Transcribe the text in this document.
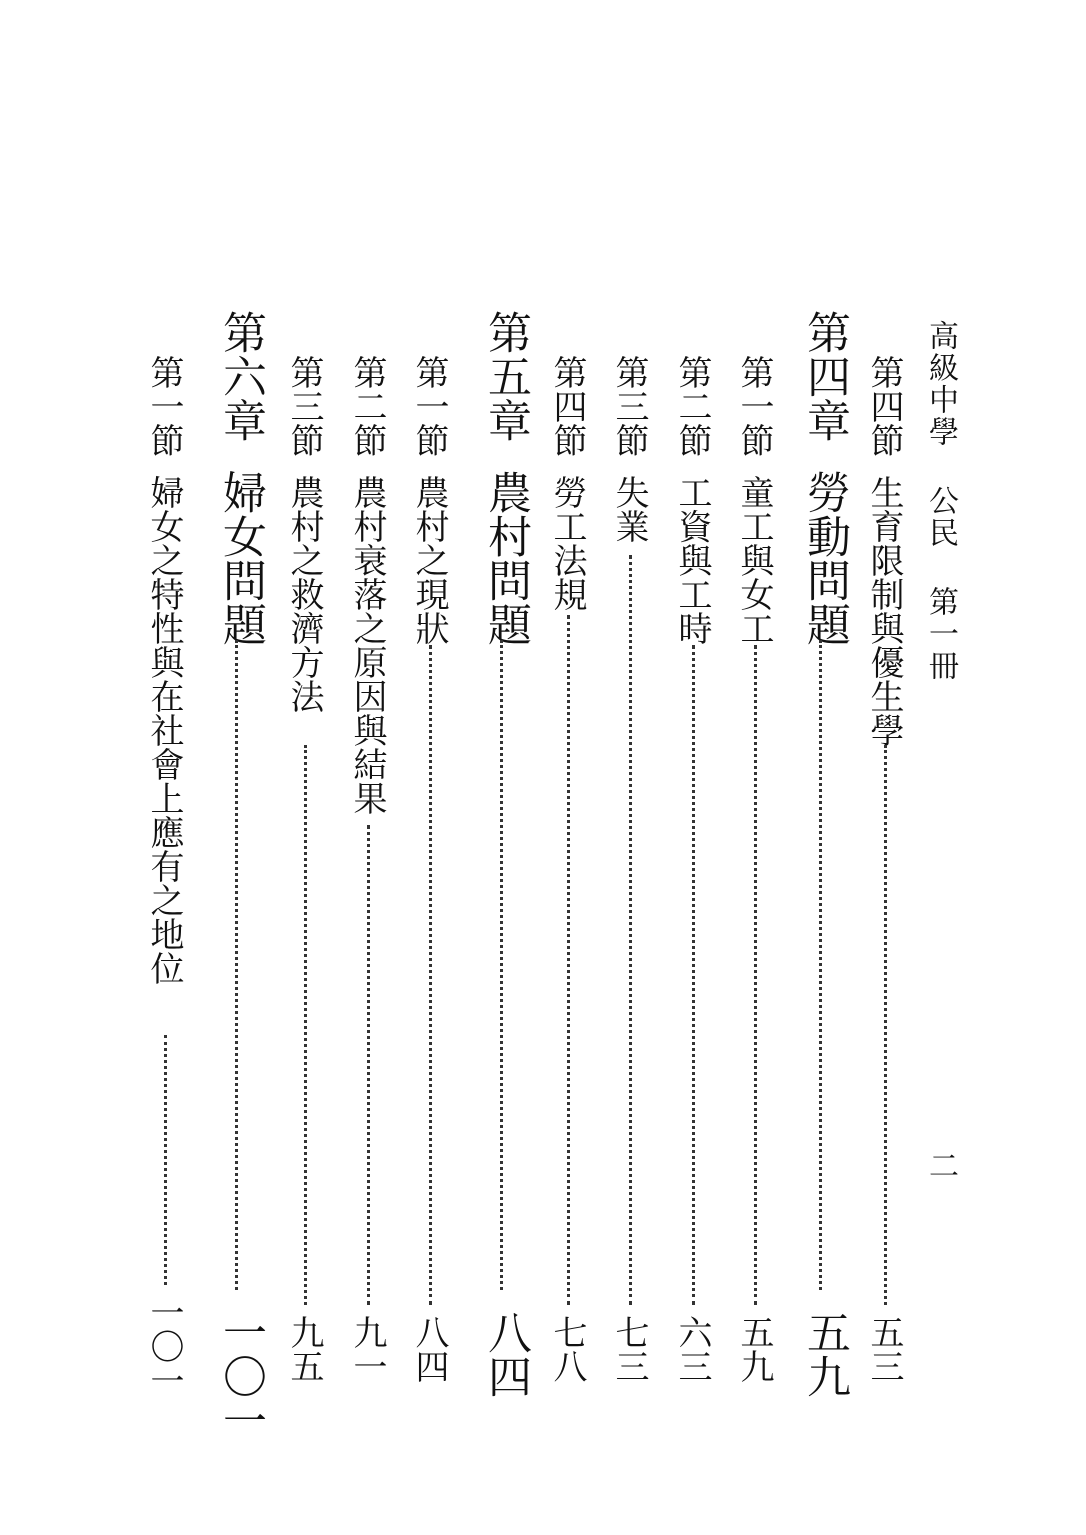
高級中學 公民 第一冊
二
第四節
生育限制與優生學
五三
第四章
勞動問題
五九
第一節
童工與女工
五九
第二節
工資與工時
六三
第三節
失業
七三
第四節
勞工法規
七八
第五章
農村問題
八四
第一節
農村之現狀
八四
第二節
農村衰落之原因與結果
九一
第三節
農村之救濟方法
九五
第六章
婦女問題
一〇一
第一節
婦女之特性與在社會上應有之地位
一〇一
